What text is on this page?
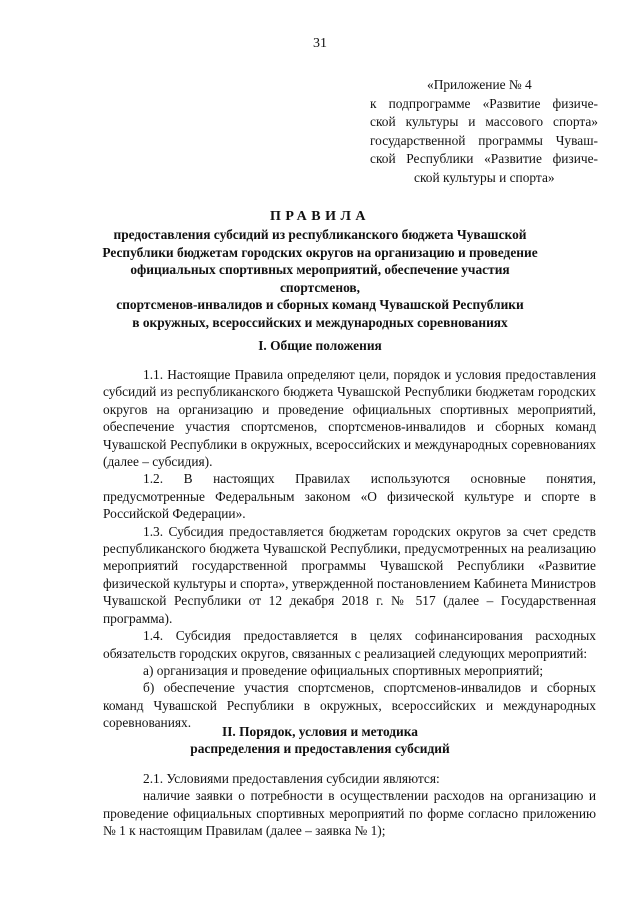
31
«Приложение № 4
к подпрограмме «Развитие физиче-
ской культуры и массового спорта»
государственной программы Чуваш-
ской Республики «Развитие физиче-
ской культуры и спорта»
ПРАВИЛА
предоставления субсидий из республиканского бюджета Чувашской
Республики бюджетам городских округов на организацию и проведение
официальных спортивных мероприятий, обеспечение участия спортсменов,
спортсменов-инвалидов и сборных команд Чувашской Республики
в окружных, всероссийских и международных соревнованиях
I. Общие положения

1.1. Настоящие Правила определяют цели, порядок и условия предоставления субсидий из республиканского бюджета Чувашской Республики бюджетам городских округов на организацию и проведение официальных спортивных мероприятий, обеспечение участия спортсменов, спортсменов-инвалидов и сборных команд Чувашской Республики в окружных, всероссийских и международных соревнованиях (далее – субсидия).

1.2. В настоящих Правилах используются основные понятия, предусмотренные Федеральным законом «О физической культуре и спорте в Российской Федерации».

1.3. Субсидия предоставляется бюджетам городских округов за счет средств республиканского бюджета Чувашской Республики, предусмотренных на реализацию мероприятий государственной программы Чувашской Республики «Развитие физической культуры и спорта», утвержденной постановлением Кабинета Министров Чувашской Республики от 12 декабря 2018 г. № 517 (далее – Государственная программа).

1.4. Субсидия предоставляется в целях софинансирования расходных обязательств городских округов, связанных с реализацией следующих мероприятий:

а) организация и проведение официальных спортивных мероприятий;

б) обеспечение участия спортсменов, спортсменов-инвалидов и сборных команд Чувашской Республики в окружных, всероссийских и международных соревнованиях.

II. Порядок, условия и методика
распределения и предоставления субсидий

2.1. Условиями предоставления субсидии являются:

наличие заявки о потребности в осуществлении расходов на организацию и проведение официальных спортивных мероприятий по форме согласно приложению № 1 к настоящим Правилам (далее – заявка № 1);
